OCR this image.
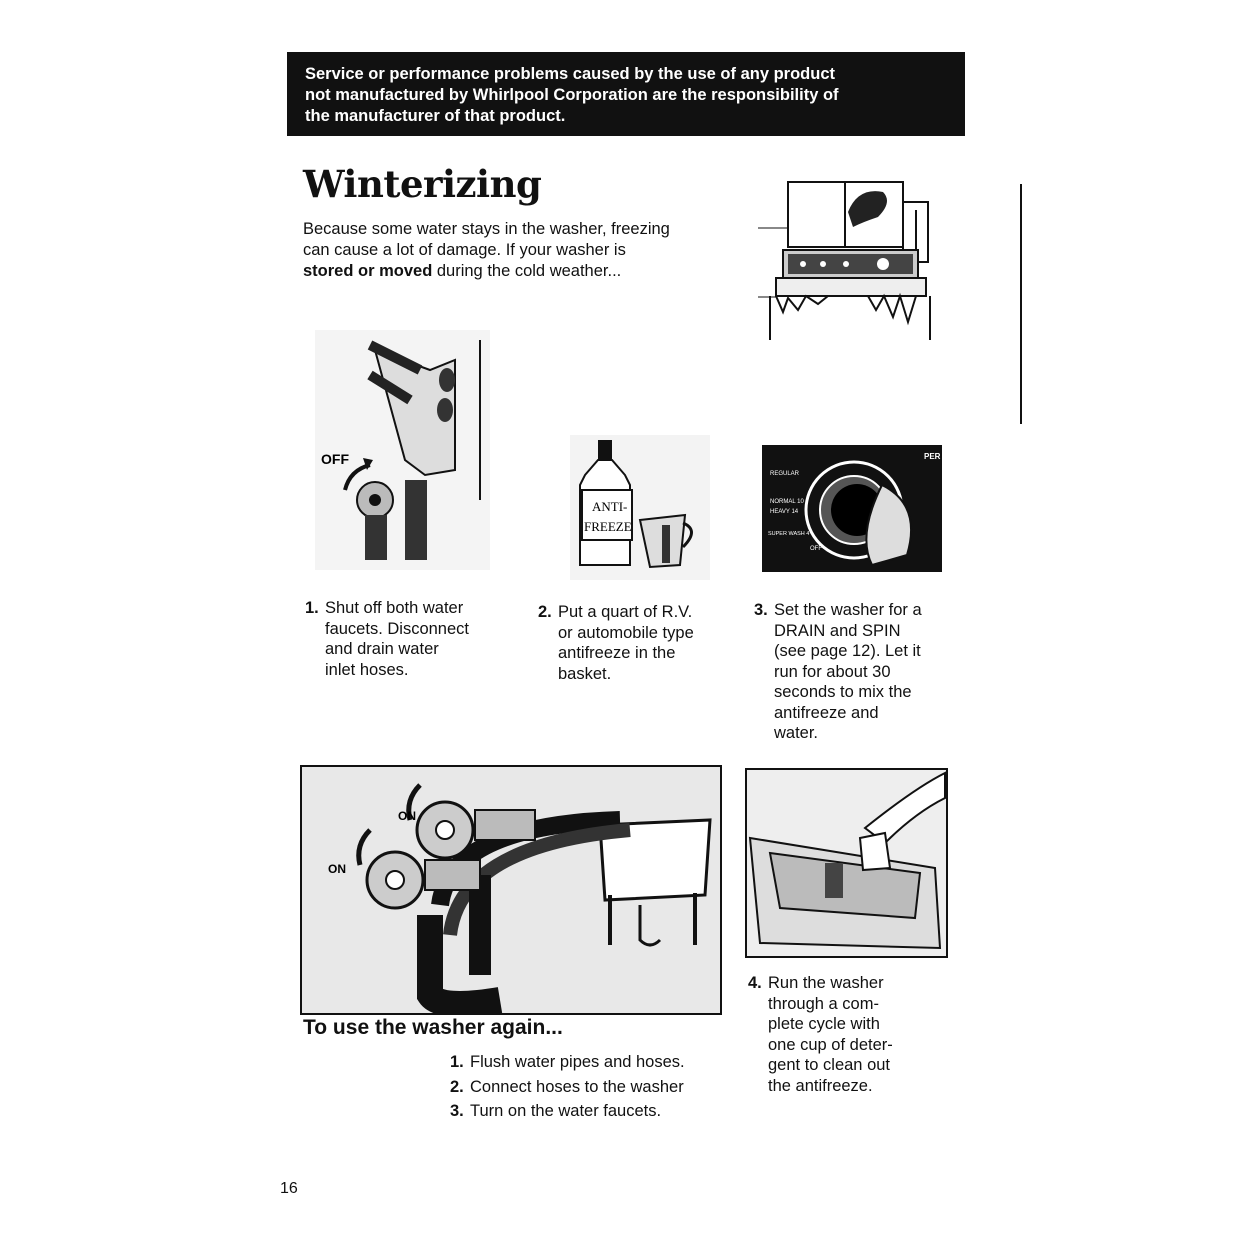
Service or performance problems caused by the use of any product
not manufactured by Whirlpool Corporation are the responsibility of
the manufacturer of that product.
Winterizing
Because some water stays in the washer, freezing
can cause a lot of damage. If your washer is
stored or moved during the cold weather...
OFF
ANTI-
FREEZE
REGULAR
NORMAL 10
HEAVY 14
SUPER WASH 4
OFF
PER
1. Shut off both water
faucets. Disconnect
and drain water
inlet hoses.
2. Put a quart of R.V.
or automobile type
antifreeze in the
basket.
3. Set the washer for a
DRAIN and SPIN
(see page 12). Let it
run for about 30
seconds to mix the
antifreeze and
water.
ON
ON
4. Run the washer
through a com-
plete cycle with
one cup of deter-
gent to clean out
the antifreeze.
To use the washer again...
1. Flush water pipes and hoses.
2. Connect hoses to the washer
3. Turn on the water faucets.
16
